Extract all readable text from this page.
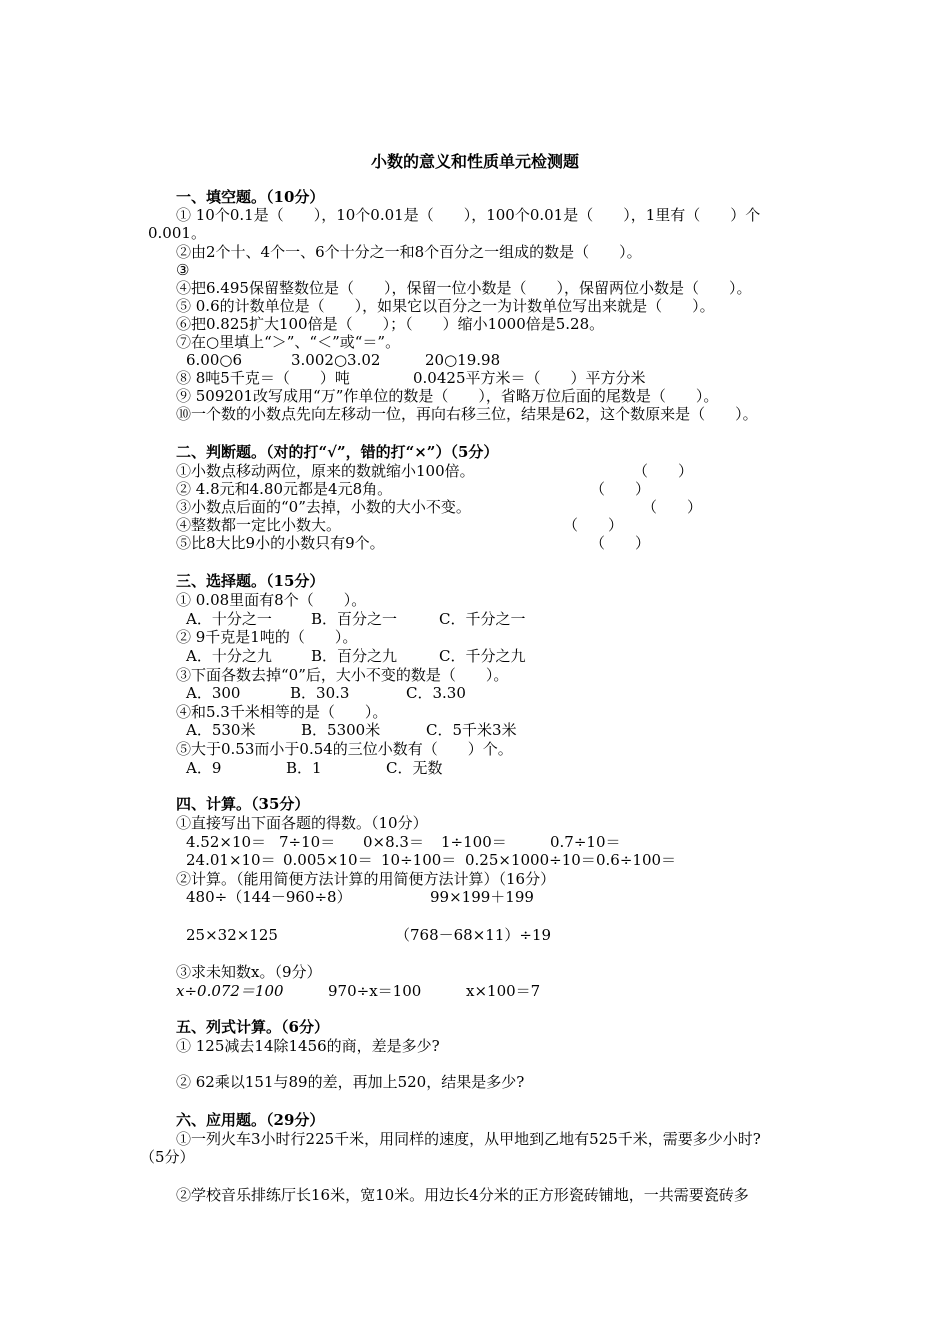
小数的意义和性质单元检测题
一、填空题。（10分）
① 10个0.1是（　　），10个0.01是（　　），100个0.01是（　　），1里有（　　）个
0.001。
②由2个十、4个一、6个十分之一和8个百分之一组成的数是（　　）。
③
④把6.495保留整数位是（　　），保留一位小数是（　　），保留两位小数是（　　）。
⑤ 0.6的计数单位是（　　），如果它以百分之一为计数单位写出来就是（　　）。
⑥把0.825扩大100倍是（　　）；（　　）缩小1000倍是5.28。
⑦在○里填上“＞”、“＜”或“＝”。
6.00○6	3.002○3.02	20○19.98
⑧ 8吨5千克＝（　　）吨	0.0425平方米＝（　　）平方分米
⑨ 509201改写成用“万”作单位的数是（　　），省略万位后面的尾数是（　　）。
⑩一个数的小数点先向左移动一位，再向右移三位，结果是62，这个数原来是（　　）。
二、判断题。（对的打“√”，错的打“×”）（5分）
①小数点移动两位，原来的数就缩小100倍。	（　　）
② 4.8元和4.80元都是4元8角。	（　　）
③小数点后面的“0”去掉，小数的大小不变。	（　　）
④整数都一定比小数大。	（　　）
⑤比8大比9小的小数只有9个。	（　　）
三、选择题。（15分）
① 0.08里面有8个（　　）。
A．十分之一	B．百分之一	C．千分之一
② 9千克是1吨的（　　）。
A．十分之九	B．百分之九	C．千分之九
③下面各数去掉“0”后，大小不变的数是（　　）。
A．300	B．30.3	C．3.30
④和5.3千米相等的是（　　）。
A．530米	B．5300米	C．5千米3米
⑤大于0.53而小于0.54的三位小数有（　　）个。
A．9	B．1	C．无数
四、计算。（35分）
①直接写出下面各题的得数。（10分）
4.52×10＝ 7÷10＝ 0×8.3＝ 1÷100＝	0.7÷10＝
24.01×10＝ 0.005×10＝ 10÷100＝ 0.25×1000÷10＝ 0.6÷100＝
②计算。（能用简便方法计算的用简便方法计算）（16分）
480÷（144－960÷8）	99×199＋199
25×32×125	（768－68×11）÷19
③求未知数x。（9分）
x÷0.072＝100	970÷x＝100	x×100＝7
五、列式计算。（6分）
① 125减去14除1456的商，差是多少?
② 62乘以151与89的差，再加上520，结果是多少?
六、应用题。（29分）
①一列火车3小时行225千米，用同样的速度，从甲地到乙地有525千米，需要多少小时?
（5分）
②学校音乐排练厅长16米，宽10米。用边长4分米的正方形瓷砖铺地，一共需要瓷砖多
